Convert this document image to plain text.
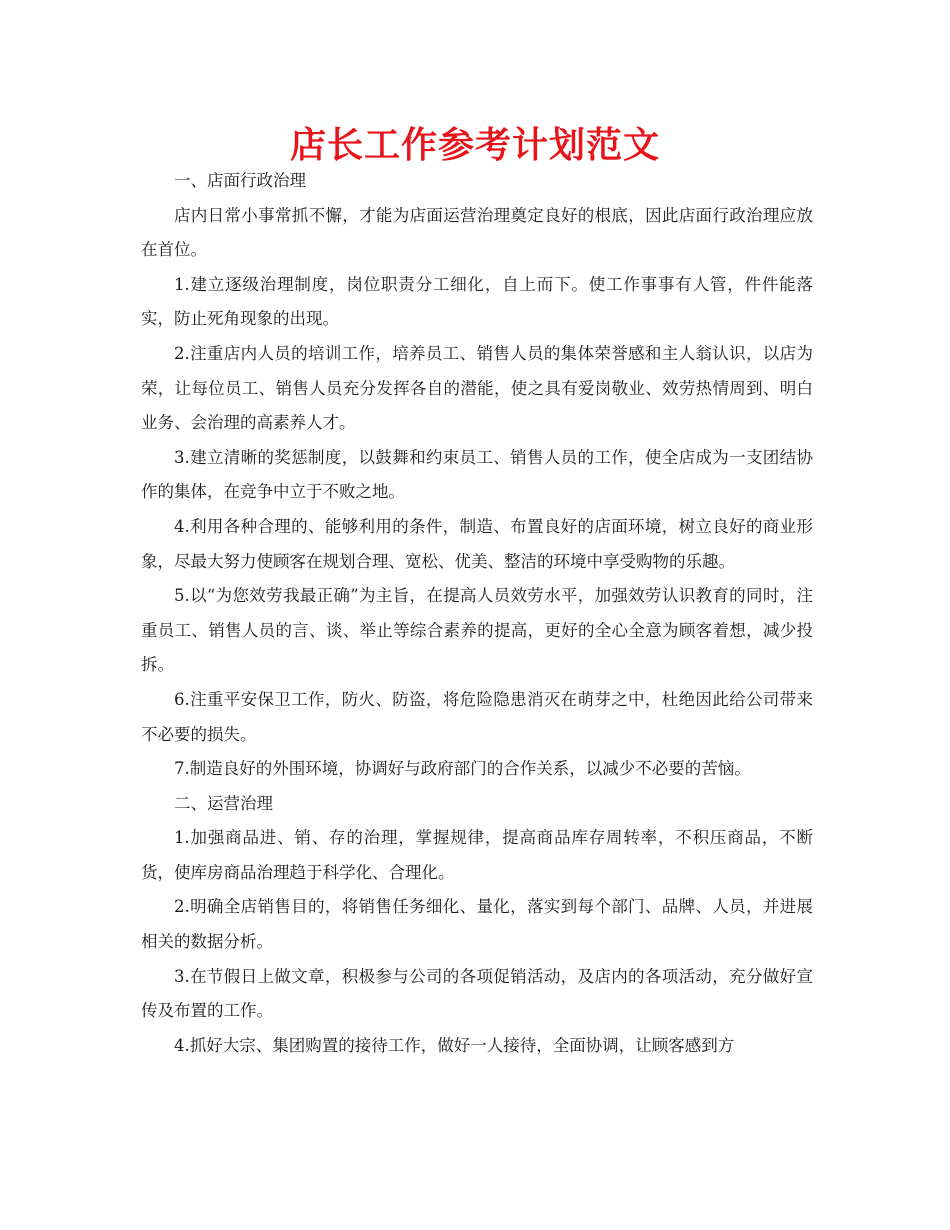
店长工作参考计划范文

一、店面行政治理

店内日常小事常抓不懈，才能为店面运营治理奠定良好的根底，因此店面行政治理应放在首位。

1.建立逐级治理制度，岗位职责分工细化，自上而下。使工作事事有人管，件件能落实，防止死角现象的出现。

2.注重店内人员的培训工作，培养员工、销售人员的集体荣誉感和主人翁认识，以店为荣，让每位员工、销售人员充分发挥各自的潜能，使之具有爱岗敬业、效劳热情周到、明白业务、会治理的高素养人才。

3.建立清晰的奖惩制度，以鼓舞和约束员工、销售人员的工作，使全店成为一支团结协作的集体，在竞争中立于不败之地。

4.利用各种合理的、能够利用的条件，制造、布置良好的店面环境，树立良好的商业形象，尽最大努力使顾客在规划合理、宽松、优美、整洁的环境中享受购物的乐趣。

5.以“为您效劳我最正确”为主旨，在提高人员效劳水平，加强效劳认识教育的同时，注重员工、销售人员的言、谈、举止等综合素养的提高，更好的全心全意为顾客着想，减少投拆。

6.注重平安保卫工作，防火、防盗，将危险隐患消灭在萌芽之中，杜绝因此给公司带来不必要的损失。

7.制造良好的外围环境，协调好与政府部门的合作关系，以减少不必要的苦恼。

二、运营治理

1.加强商品进、销、存的治理，掌握规律，提高商品库存周转率，不积压商品，不断货，使库房商品治理趋于科学化、合理化。

2.明确全店销售目的，将销售任务细化、量化，落实到每个部门、品牌、人员，并进展相关的数据分析。

3.在节假日上做文章，积极参与公司的各项促销活动，及店内的各项活动，充分做好宣传及布置的工作。

4.抓好大宗、集团购置的接待工作，做好一人接待，全面协调，让顾客感到方
